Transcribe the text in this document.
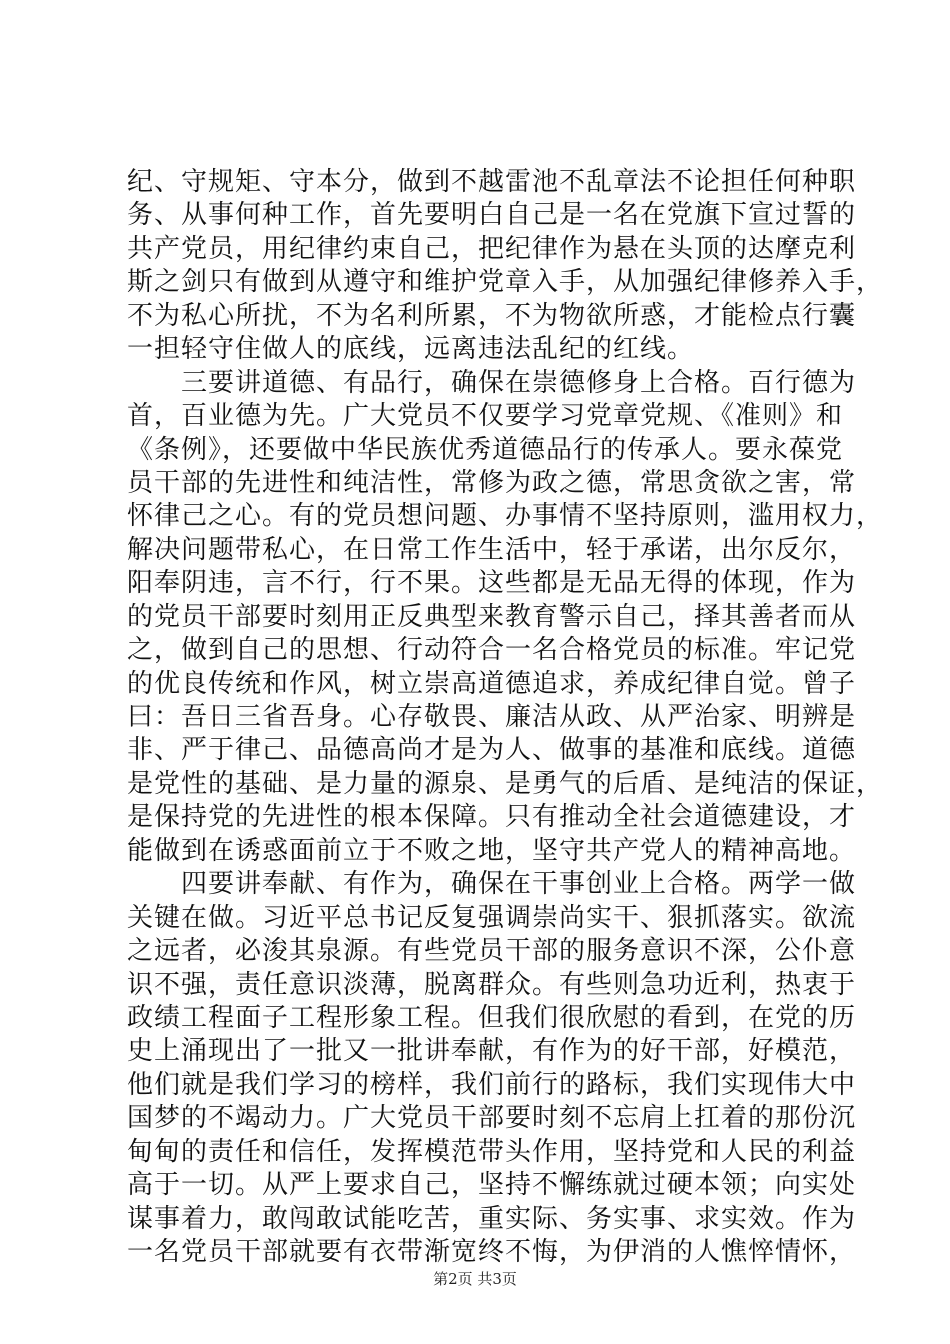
纪、守规矩、守本分，做到不越雷池不乱章法不论担任何种职
务、从事何种工作，首先要明白自己是一名在党旗下宣过誓的
共产党员，用纪律约束自己，把纪律作为悬在头顶的达摩克利
斯之剑只有做到从遵守和维护党章入手，从加强纪律修养入手，
不为私心所扰，不为名利所累，不为物欲所惑，才能检点行囊
一担轻守住做人的底线，远离违法乱纪的红线。
　　三要讲道德、有品行，确保在崇德修身上合格。百行德为
首，百业德为先。广大党员不仅要学习党章党规、《准则》和
《条例》，还要做中华民族优秀道德品行的传承人。要永葆党
员干部的先进性和纯洁性，常修为政之德，常思贪欲之害，常
怀律己之心。有的党员想问题、办事情不坚持原则，滥用权力，
解决问题带私心，在日常工作生活中，轻于承诺，出尔反尔，
阳奉阴违，言不行，行不果。这些都是无品无得的体现，作为
的党员干部要时刻用正反典型来教育警示自己，择其善者而从
之，做到自己的思想、行动符合一名合格党员的标准。牢记党
的优良传统和作风，树立崇高道德追求，养成纪律自觉。曾子
曰：吾日三省吾身。心存敬畏、廉洁从政、从严治家、明辨是
非、严于律己、品德高尚才是为人、做事的基准和底线。道德
是党性的基础、是力量的源泉、是勇气的后盾、是纯洁的保证，
是保持党的先进性的根本保障。只有推动全社会道德建设，才
能做到在诱惑面前立于不败之地，坚守共产党人的精神高地。
　　四要讲奉献、有作为，确保在干事创业上合格。两学一做
关键在做。习近平总书记反复强调崇尚实干、狠抓落实。欲流
之远者，必浚其泉源。有些党员干部的服务意识不深，公仆意
识不强，责任意识淡薄，脱离群众。有些则急功近利，热衷于
政绩工程面子工程形象工程。但我们很欣慰的看到，在党的历
史上涌现出了一批又一批讲奉献，有作为的好干部，好模范，
他们就是我们学习的榜样，我们前行的路标，我们实现伟大中
国梦的不竭动力。广大党员干部要时刻不忘肩上扛着的那份沉
甸甸的责任和信任，发挥模范带头作用，坚持党和人民的利益
高于一切。从严上要求自己，坚持不懈练就过硬本领；向实处
谋事着力，敢闯敢试能吃苦，重实际、务实事、求实效。作为
一名党员干部就要有衣带渐宽终不悔，为伊消的人憔悴情怀，
第2页 共3页
